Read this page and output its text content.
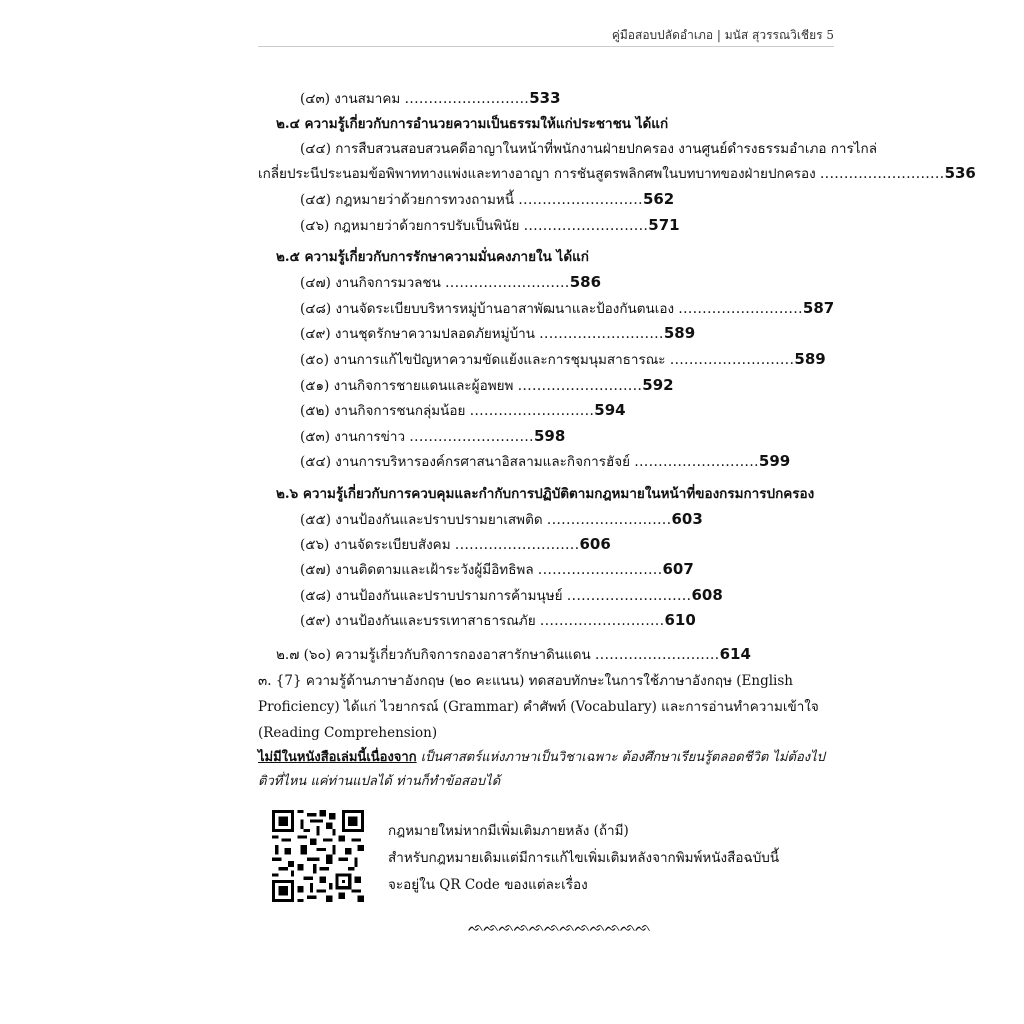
คู่มือสอบปลัดอำเภอ | มนัส สุวรรณวิเชียร 5
(๔๓) งานสมาคม ..........................533
๒.๔ ความรู้เกี่ยวกับการอำนวยความเป็นธรรมให้แก่ประชาชน ได้แก่
(๔๔) การสืบสวนสอบสวนคดีอาญาในหน้าที่พนักงานฝ่ายปกครอง งานศูนย์ดำรงธรรมอำเภอ การไกล่
เกลี่ยประนีประนอมข้อพิพาททางแพ่งและทางอาญา การชันสูตรพลิกศพในบทบาทของฝ่ายปกครอง ..........................536
(๔๕) กฎหมายว่าด้วยการทวงถามหนี้ ..........................562
(๔๖) กฎหมายว่าด้วยการปรับเป็นพินัย ..........................571
๒.๕ ความรู้เกี่ยวกับการรักษาความมั่นคงภายใน ได้แก่
(๔๗) งานกิจการมวลชน ..........................586
(๔๘) งานจัดระเบียบบริหารหมู่บ้านอาสาพัฒนาและป้องกันตนเอง ..........................587
(๔๙) งานชุดรักษาความปลอดภัยหมู่บ้าน ..........................589
(๕๐) งานการแก้ไขปัญหาความขัดแย้งและการชุมนุมสาธารณะ ..........................589
(๕๑) งานกิจการชายแดนและผู้อพยพ ..........................592
(๕๒) งานกิจการชนกลุ่มน้อย ..........................594
(๕๓) งานการข่าว ..........................598
(๕๔) งานการบริหารองค์กรศาสนาอิสลามและกิจการฮัจย์ ..........................599
๒.๖ ความรู้เกี่ยวกับการควบคุมและกำกับการปฏิบัติตามกฎหมายในหน้าที่ของกรมการปกครอง
(๕๕) งานป้องกันและปราบปรามยาเสพติด ..........................603
(๕๖) งานจัดระเบียบสังคม ..........................606
(๕๗) งานติดตามและเฝ้าระวังผู้มีอิทธิพล ..........................607
(๕๘) งานป้องกันและปราบปรามการค้ามนุษย์ ..........................608
(๕๙) งานป้องกันและบรรเทาสาธารณภัย ..........................610
๒.๗ (๖๐) ความรู้เกี่ยวกับกิจการกองอาสารักษาดินแดน ..........................614
๓. {7} ความรู้ด้านภาษาอังกฤษ (๒๐ คะแนน) ทดสอบทักษะในการใช้ภาษาอังกฤษ (English Proficiency) ได้แก่ ไวยากรณ์ (Grammar) คำศัพท์ (Vocabulary) และการอ่านทำความเข้าใจ (Reading Comprehension)
ไม่มีในหนังสือเล่มนี้เนื่องจาก เป็นศาสตร์แห่งภาษาเป็นวิชาเฉพาะ ต้องศึกษาเรียนรู้ตลอดชีวิต ไม่ต้องไปติวที่ไหน แค่ท่านแปลได้ ท่านก็ทำข้อสอบได้
กฎหมายใหม่หากมีเพิ่มเติมภายหลัง (ถ้ามี)
สำหรับกฎหมายเดิมแต่มีการแก้ไขเพิ่มเติมหลังจากพิมพ์หนังสือฉบับนี้
จะอยู่ใน QR Code ของแต่ละเรื่อง
ᨒᨒᨒᨒᨒᨒᨒᨒᨒᨒᨒᨒ
